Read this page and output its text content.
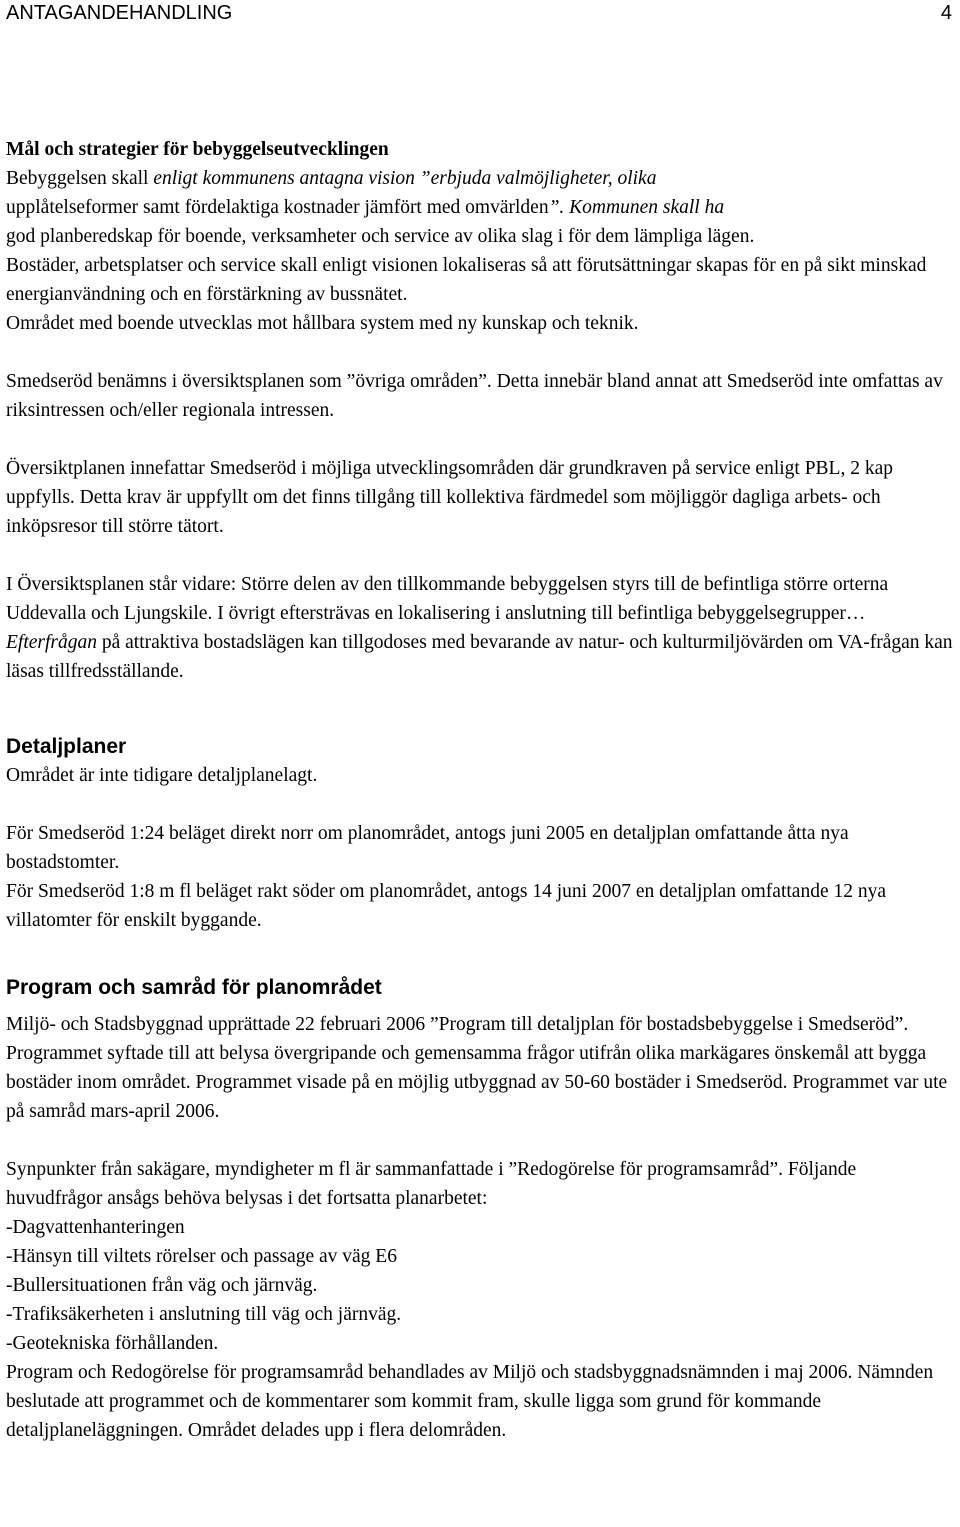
ANTAGANDEHANDLING	4

Mål och strategier för bebyggelseutvecklingen

Bebyggelsen skall enligt kommunens antagna vision ”erbjuda valmöjligheter, olika
upplåtelseformer samt fördelaktiga kostnader jämfört med omvärlden”. Kommunen skall ha
god planberedskap för boende, verksamheter och service av olika slag i för dem lämpliga lägen.
Bostäder, arbetsplatser och service skall enligt visionen lokaliseras så att förutsättningar skapas för en på sikt minskad energianvändning och en förstärkning av bussnätet.
Området med boende utvecklas mot hållbara system med ny kunskap och teknik.

Smedseröd benämns i översiktsplanen som ”övriga områden”. Detta innebär bland annat att Smedseröd inte omfattas av riksintressen och/eller regionala intressen.

Översiktplanen innefattar Smedseröd i möjliga utvecklingsområden där grundkraven på service enligt PBL, 2 kap uppfylls. Detta krav är uppfyllt om det finns tillgång till kollektiva färdmedel som möjliggör dagliga arbets- och inköpsresor till större tätort.

I Översiktsplanen står vidare: Större delen av den tillkommande bebyggelsen styrs till de befintliga större orterna Uddevalla och Ljungskile. I övrigt eftersträvas en lokalisering i anslutning till befintliga bebyggelsegrupper… Efterfrågan på attraktiva bostadslägen kan tillgodoses med bevarande av natur- och kulturmiljövärden om VA-frågan kan läsas tillfredsställande.

Detaljplaner

Området är inte tidigare detaljplanelagt.

För Smedseröd 1:24 beläget direkt norr om planområdet, antogs juni 2005 en detaljplan omfattande åtta nya bostadstomter.

För Smedseröd 1:8 m fl beläget rakt söder om planområdet, antogs 14 juni 2007 en detaljplan omfattande 12 nya villatomter för enskilt byggande.

Program och samråd för planområdet

Miljö- och Stadsbyggnad upprättade 22 februari 2006 ”Program till detaljplan för bostadsbebyggelse i Smedseröd”. Programmet syftade till att belysa övergripande och gemensamma frågor utifrån olika markägares önskemål att bygga bostäder inom området. Programmet visade på en möjlig utbyggnad av 50-60 bostäder i Smedseröd. Programmet var ute på samråd mars-april 2006.

Synpunkter från sakägare, myndigheter m fl är sammanfattade i ”Redogörelse för programsamråd”. Följande huvudfrågor ansågs behöva belysas i det fortsatta planarbetet:

-Dagvattenhanteringen
-Hänsyn till viltets rörelser och passage av väg E6
-Bullersituationen från väg och järnväg.
-Trafiksäkerheten i anslutning till väg och järnväg.
-Geotekniska förhållanden.

Program och Redogörelse för programsamråd behandlades av Miljö och stadsbyggnadsnämnden i maj 2006. Nämnden beslutade att programmet och de kommentarer som kommit fram, skulle ligga som grund för kommande detaljplaneläggningen. Området delades upp i flera delområden.
